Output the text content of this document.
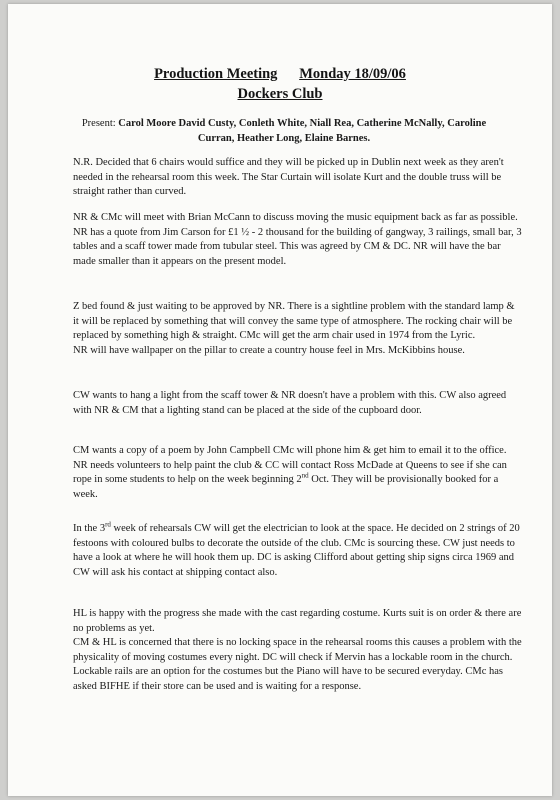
Production Meeting Monday 18/09/06
Dockers Club
Present: Carol Moore David Custy, Conleth White, Niall Rea, Catherine McNally, Caroline Curran, Heather Long, Elaine Barnes.

N.R. Decided that 6 chairs would suffice and they will be picked up in Dublin next week as they aren't needed in the rehearsal room this week. The Star Curtain will isolate Kurt and the double truss will be straight rather than curved.

NR & CMc will meet with Brian McCann to discuss moving the music equipment back as far as possible.

NR has a quote from Jim Carson for £1 ½ - 2 thousand for the building of gangway, 3 railings, small bar, 3 tables and a scaff tower made from tubular steel. This was agreed by CM & DC. NR will have the bar made smaller than it appears on the present model.

Z bed found & just waiting to be approved by NR. There is a sightline problem with the standard lamp & it will be replaced by something that will convey the same type of atmosphere. The rocking chair will be replaced by something high & straight. CMc will get the arm chair used in 1974 from the Lyric.

NR will have wallpaper on the pillar to create a country house feel in Mrs. McKibbins house.

CW wants to hang a light from the scaff tower & NR doesn't have a problem with this. CW also agreed with NR & CM that a lighting stand can be placed at the side of the cupboard door.

CM wants a copy of a poem by John Campbell CMc will phone him & get him to email it to the office.

NR needs volunteers to help paint the club & CC will contact Ross McDade at Queens to see if she can rope in some students to help on the week beginning 2nd Oct. They will be provisionally booked for a week.

In the 3rd week of rehearsals CW will get the electrician to look at the space. He decided on 2 strings of 20 festoons with coloured bulbs to decorate the outside of the club. CMc is sourcing these. CW just needs to have a look at where he will hook them up. DC is asking Clifford about getting ship signs circa 1969 and CW will ask his contact at shipping contact also.

HL is happy with the progress she made with the cast regarding costume. Kurts suit is on order & there are no problems as yet.

CM & HL is concerned that there is no locking space in the rehearsal rooms this causes a problem with the physicality of moving costumes every night. DC will check if Mervin has a lockable room in the church. Lockable rails are an option for the costumes but the Piano will have to be secured everyday. CMc has asked BIFHE if their store can be used and is waiting for a response.
